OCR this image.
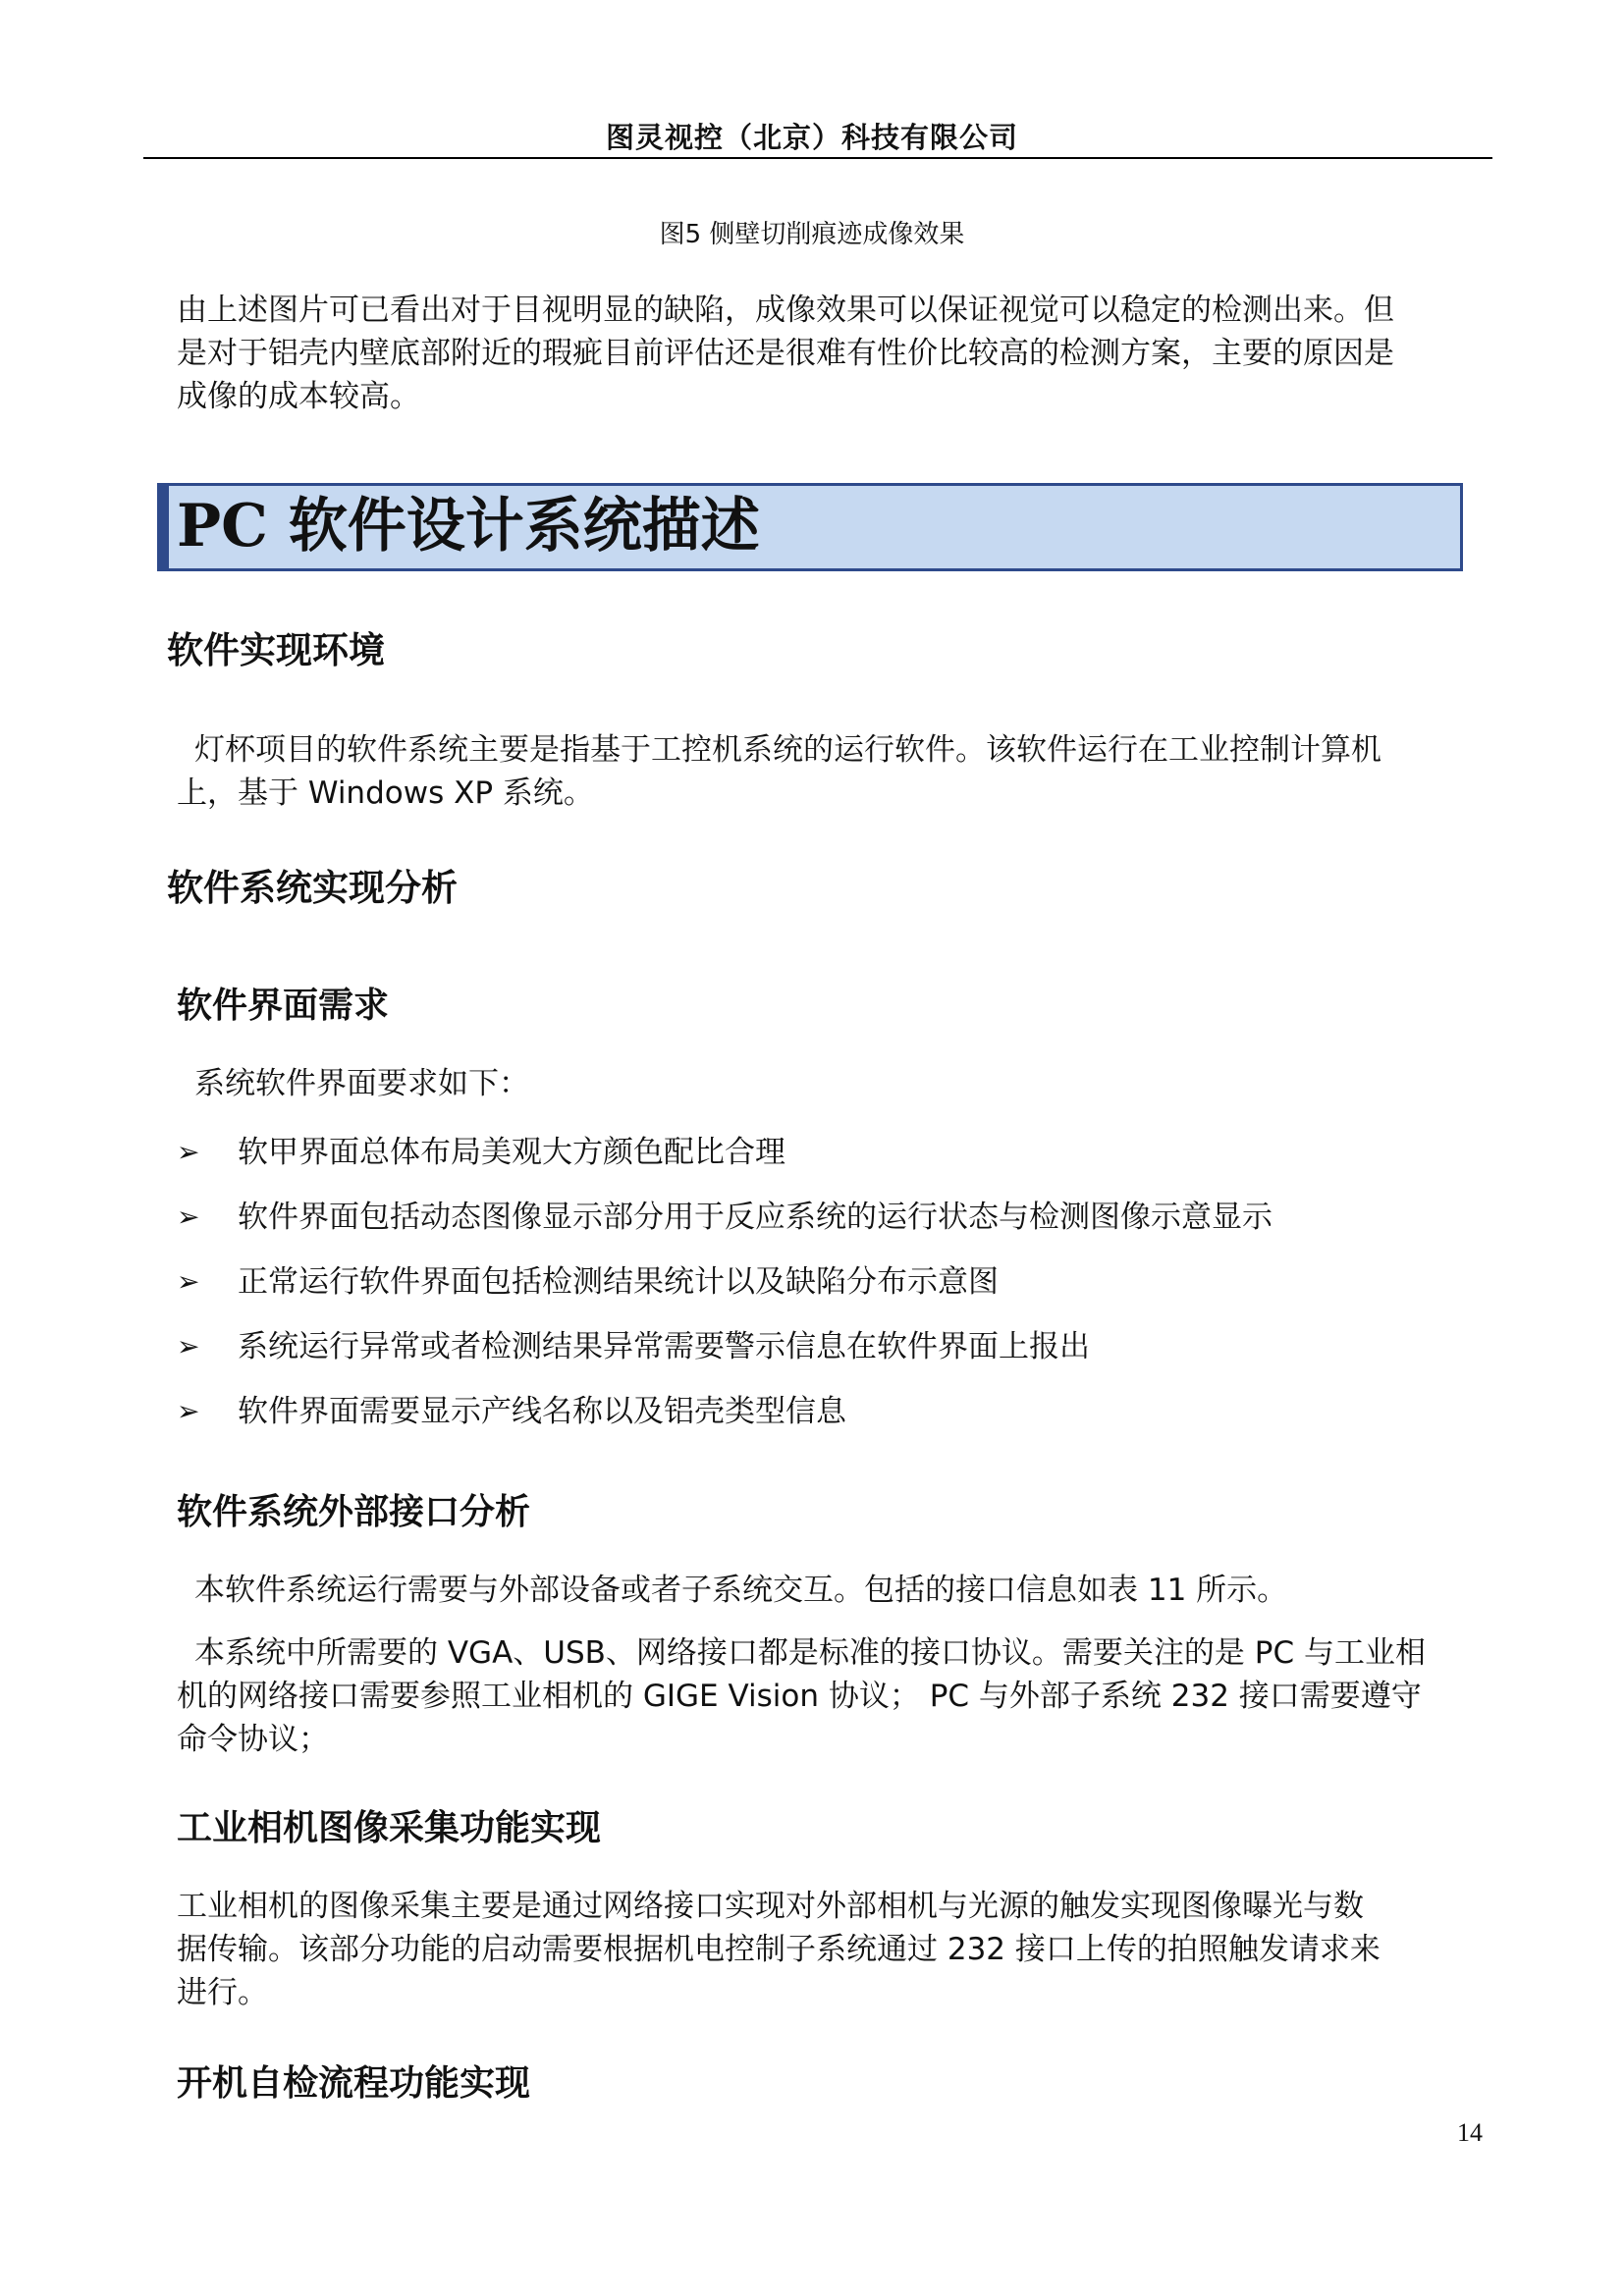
图灵视控（北京）科技有限公司
图5 侧壁切削痕迹成像效果
由上述图片可已看出对于目视明显的缺陷，成像效果可以保证视觉可以稳定的检测出来。但
是对于铝壳内壁底部附近的瑕疵目前评估还是很难有性价比较高的检测方案，主要的原因是
成像的成本较高。
PC 软件设计系统描述
软件实现环境
灯杯项目的软件系统主要是指基于工控机系统的运行软件。该软件运行在工业控制计算机
上，基于 Windows XP 系统。
软件系统实现分析
软件界面需求
系统软件界面要求如下：
➢	软甲界面总体布局美观大方颜色配比合理
➢	软件界面包括动态图像显示部分用于反应系统的运行状态与检测图像示意显示
➢	正常运行软件界面包括检测结果统计以及缺陷分布示意图
➢	系统运行异常或者检测结果异常需要警示信息在软件界面上报出
➢	软件界面需要显示产线名称以及铝壳类型信息
软件系统外部接口分析
本软件系统运行需要与外部设备或者子系统交互。包括的接口信息如表 11 所示。
本系统中所需要的 VGA、USB、网络接口都是标准的接口协议。需要关注的是 PC 与工业相
机的网络接口需要参照工业相机的 GIGE Vision 协议； PC 与外部子系统 232 接口需要遵守
命令协议；
工业相机图像采集功能实现
工业相机的图像采集主要是通过网络接口实现对外部相机与光源的触发实现图像曝光与数
据传输。该部分功能的启动需要根据机电控制子系统通过 232 接口上传的拍照触发请求来
进行。
开机自检流程功能实现
14
